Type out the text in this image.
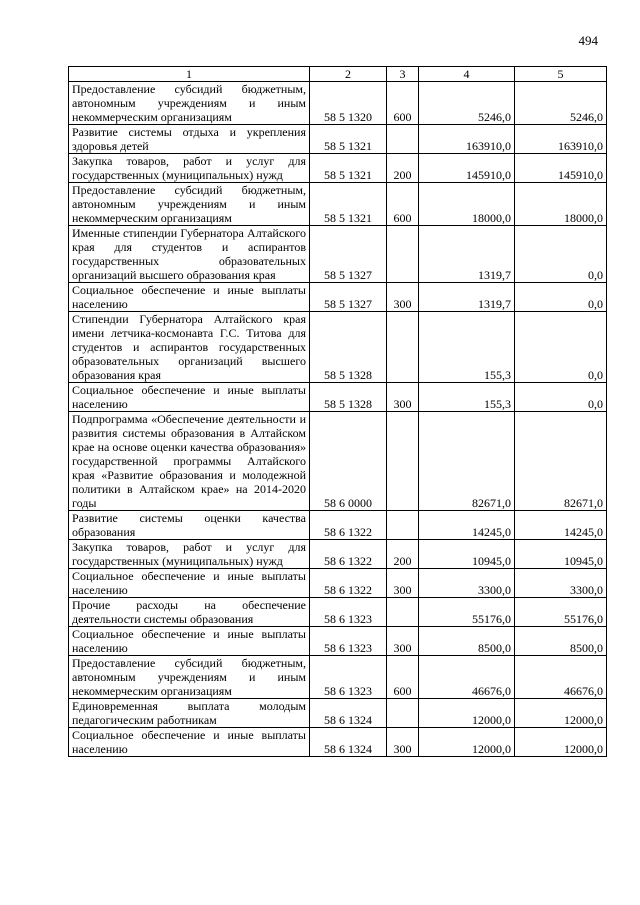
494
1	2	3	4	5
Предоставление субсидий бюджетным, автономным учреждениям и иным некоммерческим организациям	58 5 1320	600	5246,0	5246,0
Развитие системы отдыха и укрепления здоровья детей	58 5 1321		163910,0	163910,0
Закупка товаров, работ и услуг для государственных (муниципальных) нужд	58 5 1321	200	145910,0	145910,0
Предоставление субсидий бюджетным, автономным учреждениям и иным некоммерческим организациям	58 5 1321	600	18000,0	18000,0
Именные стипендии Губернатора Алтайского края для студентов и аспирантов государственных образовательных организаций высшего образования края	58 5 1327		1319,7	0,0
Социальное обеспечение и иные выплаты населению	58 5 1327	300	1319,7	0,0
Стипендии Губернатора Алтайского края имени летчика-космонавта Г.С. Титова для студентов и аспирантов государственных образовательных организаций высшего образования края	58 5 1328		155,3	0,0
Социальное обеспечение и иные выплаты населению	58 5 1328	300	155,3	0,0
Подпрограмма «Обеспечение деятельности и развития системы образования в Алтайском крае на основе оценки качества образования» государственной программы Алтайского края «Развитие образования и молодежной политики в Алтайском крае» на 2014-2020 годы	58 6 0000		82671,0	82671,0
Развитие системы оценки качества образования	58 6 1322		14245,0	14245,0
Закупка товаров, работ и услуг для государственных (муниципальных) нужд	58 6 1322	200	10945,0	10945,0
Социальное обеспечение и иные выплаты населению	58 6 1322	300	3300,0	3300,0
Прочие расходы на обеспечение деятельности системы образования	58 6 1323		55176,0	55176,0
Социальное обеспечение и иные выплаты населению	58 6 1323	300	8500,0	8500,0
Предоставление субсидий бюджетным, автономным учреждениям и иным некоммерческим организациям	58 6 1323	600	46676,0	46676,0
Единовременная выплата молодым педагогическим работникам	58 6 1324		12000,0	12000,0
Социальное обеспечение и иные выплаты населению	58 6 1324	300	12000,0	12000,0
